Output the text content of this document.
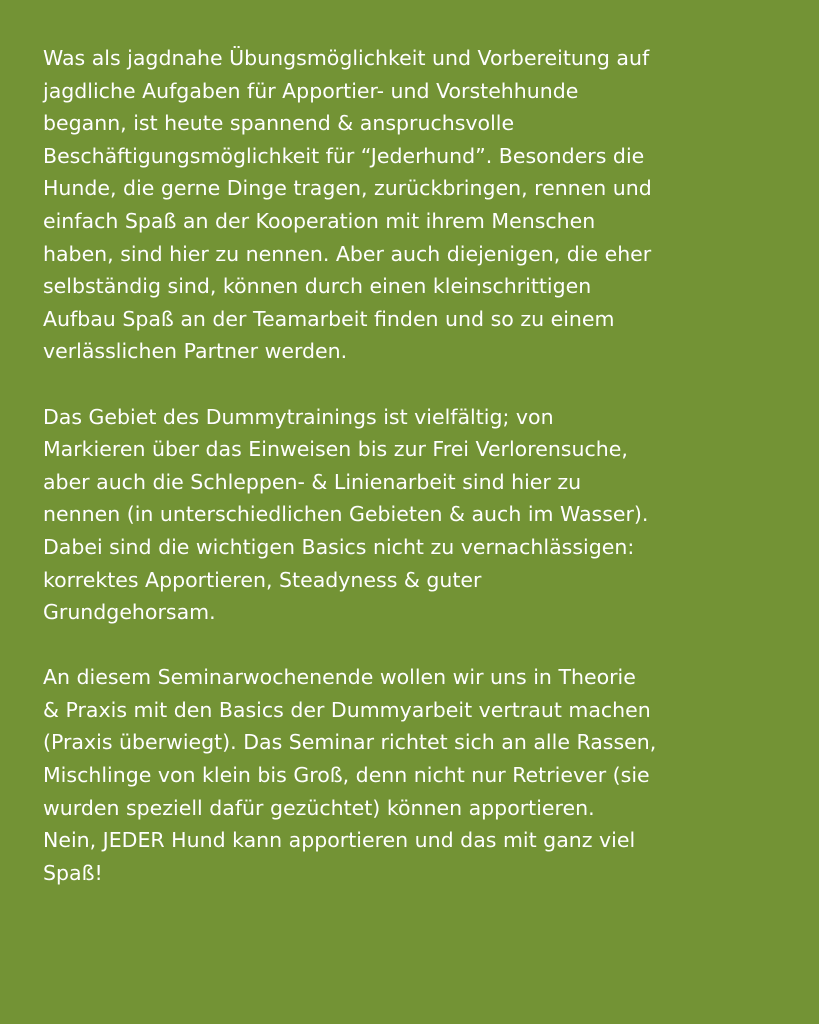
Was als jagdnahe Übungsmöglichkeit und Vorbereitung auf
jagdliche Aufgaben für Apportier- und Vorstehhunde
begann, ist heute spannend & anspruchsvolle
Beschäftigungsmöglichkeit für “Jederhund”. Besonders die
Hunde, die gerne Dinge tragen, zurückbringen, rennen und
einfach Spaß an der Kooperation mit ihrem Menschen
haben, sind hier zu nennen. Aber auch diejenigen, die eher
selbständig sind, können durch einen kleinschrittigen
Aufbau Spaß an der Teamarbeit finden und so zu einem
verlässlichen Partner werden.

Das Gebiet des Dummytrainings ist vielfältig; von
Markieren über das Einweisen bis zur Frei Verlorensuche,
aber auch die Schleppen- & Linienarbeit sind hier zu
nennen (in unterschiedlichen Gebieten & auch im Wasser).
Dabei sind die wichtigen Basics nicht zu vernachlässigen:
korrektes Apportieren, Steadyness & guter
Grundgehorsam.

An diesem Seminarwochenende wollen wir uns in Theorie
& Praxis mit den Basics der Dummyarbeit vertraut machen
(Praxis überwiegt). Das Seminar richtet sich an alle Rassen,
Mischlinge von klein bis Groß, denn nicht nur Retriever (sie
wurden speziell dafür gezüchtet) können apportieren.
Nein, JEDER Hund kann apportieren und das mit ganz viel
Spaß!
